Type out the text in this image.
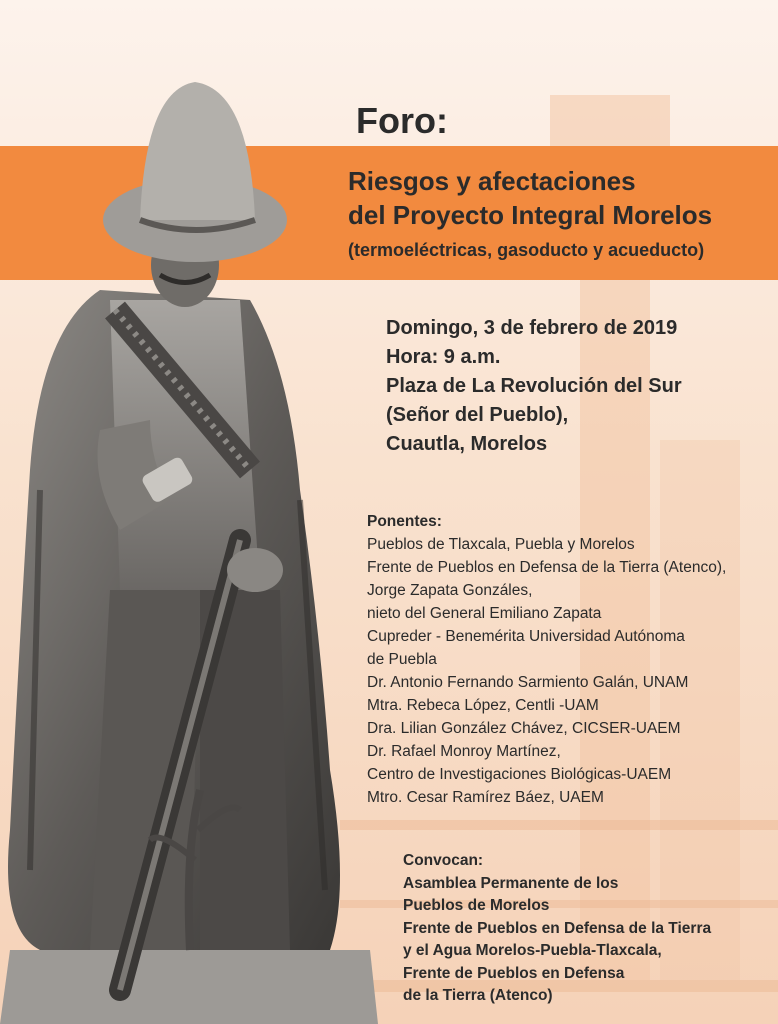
Foro:
Riesgos y afectaciones
del Proyecto Integral Morelos
(termoeléctricas, gasoducto y acueducto)
Domingo, 3 de febrero de 2019
Hora: 9 a.m.
Plaza de La Revolución del Sur
(Señor del Pueblo),
Cuautla, Morelos
Ponentes:
Pueblos de Tlaxcala, Puebla y Morelos
Frente de Pueblos en Defensa de la Tierra (Atenco),
Jorge Zapata Gonzáles,
nieto del General Emiliano Zapata
Cupreder - Benemérita Universidad Autónoma
de Puebla
Dr. Antonio Fernando Sarmiento Galán, UNAM
Mtra. Rebeca López, Centli -UAM
Dra. Lilian González Chávez, CICSER-UAEM
Dr. Rafael Monroy Martínez,
Centro de Investigaciones Biológicas-UAEM
Mtro. Cesar Ramírez Báez, UAEM
Convocan:
Asamblea Permanente de los
Pueblos de Morelos
Frente de Pueblos en Defensa de la Tierra
y el Agua Morelos-Puebla-Tlaxcala,
Frente de Pueblos en Defensa
de la Tierra (Atenco)
